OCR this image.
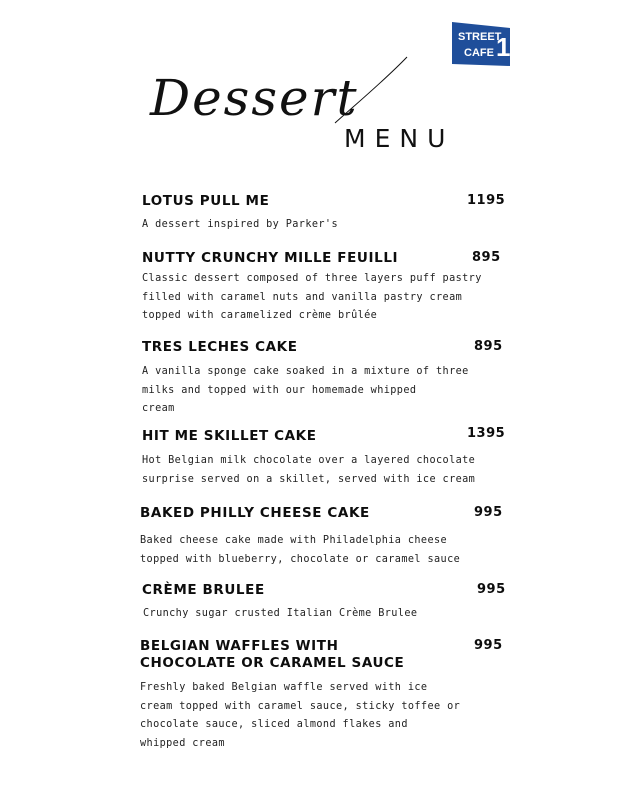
STREET
CAFE 1
Dessert
MENU
LOTUS PULL ME	1195
A dessert inspired by Parker's
NUTTY CRUNCHY MILLE FEUILLI	895
Classic dessert composed of three layers puff pastry
filled with caramel nuts and vanilla pastry cream
topped with caramelized crème brûlée
TRES LECHES CAKE	895
A vanilla sponge cake soaked in a mixture of three
milks and topped with our homemade whipped
cream
HIT ME SKILLET CAKE	1395
Hot Belgian milk chocolate over a layered chocolate
surprise served on a skillet, served with ice cream
BAKED PHILLY CHEESE CAKE	995
Baked cheese cake made with Philadelphia cheese
topped with blueberry, chocolate or caramel sauce
CRÈME BRULEE	995
Crunchy sugar crusted Italian Crème Brulee
BELGIAN WAFFLES WITH
CHOCOLATE OR CARAMEL SAUCE
995
Freshly baked Belgian waffle served with ice
cream topped with caramel sauce, sticky toffee or
chocolate sauce, sliced almond flakes and
whipped cream
